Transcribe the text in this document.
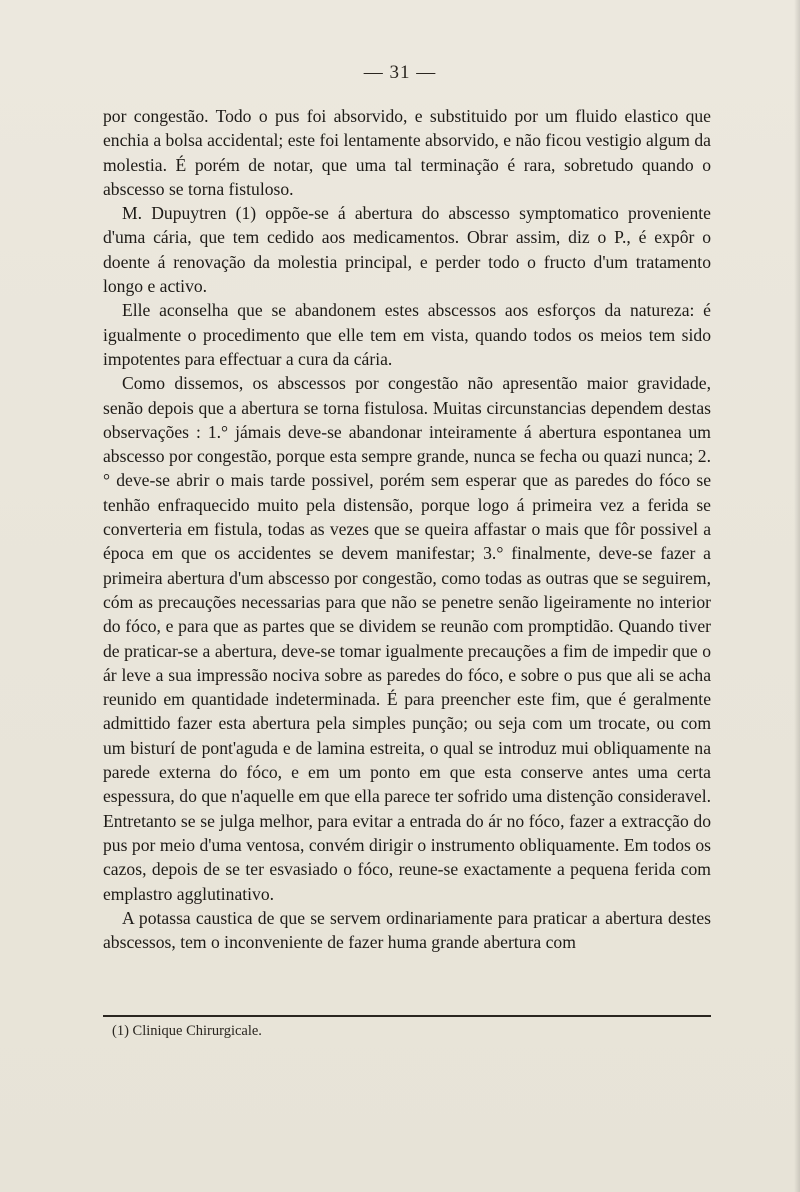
— 31 —

por congestão. Todo o pus foi absorvido, e substituido por um fluido elastico que enchia a bolsa accidental; este foi lentamente absorvido, e não ficou vestigio algum da molestia. É porém de notar, que uma tal terminação é rara, sobretudo quando o abscesso se torna fistuloso.

M. Dupuytren (1) oppõe-se á abertura do abscesso symptomatico proveniente d'uma cária, que tem cedido aos medicamentos. Obrar assim, diz o P., é expôr o doente á renovação da molestia principal, e perder todo o fructo d'um tratamento longo e activo.

Elle aconselha que se abandonem estes abscessos aos esforços da natureza: é igualmente o procedimento que elle tem em vista, quando todos os meios tem sido impotentes para effectuar a cura da cária.

Como dissemos, os abscessos por congestão não apresentão maior gravidade, senão depois que a abertura se torna fistulosa. Muitas circunstancias dependem destas observações : 1.° jámais deve-se abandonar inteiramente á abertura espontanea um abscesso por congestão, porque esta sempre grande, nunca se fecha ou quazi nunca; 2.° deve-se abrir o mais tarde possivel, porém sem esperar que as paredes do fóco se tenhão enfraquecido muito pela distensão, porque logo á primeira vez a ferida se converteria em fistula, todas as vezes que se queira affastar o mais que fôr possivel a época em que os accidentes se devem manifestar; 3.° finalmente, deve-se fazer a primeira abertura d'um abscesso por congestão, como todas as outras que se seguirem, cóm as precauções necessarias para que não se penetre senão ligeiramente no interior do fóco, e para que as partes que se dividem se reunão com promptidão. Quando tiver de praticar-se a abertura, deve-se tomar igualmente precauções a fim de impedir que o ár leve a sua impressão nociva sobre as paredes do fóco, e sobre o pus que ali se acha reunido em quantidade indeterminada. É para preencher este fim, que é geralmente admittido fazer esta abertura pela simples punção; ou seja com um trocate, ou com um bisturí de pont'aguda e de lamina estreita, o qual se introduz mui obliquamente na parede externa do fóco, e em um ponto em que esta conserve antes uma certa espessura, do que n'aquelle em que ella parece ter sofrido uma distenção consideravel. Entretanto se se julga melhor, para evitar a entrada do ár no fóco, fazer a extracção do pus por meio d'uma ventosa, convém dirigir o instrumento obliquamente. Em todos os cazos, depois de se ter esvasiado o fóco, reune-se exactamente a pequena ferida com emplastro agglutinativo.

A potassa caustica de que se servem ordinariamente para praticar a abertura destes abscessos, tem o inconveniente de fazer huma grande abertura com

(1) Clinique Chirurgicale.
